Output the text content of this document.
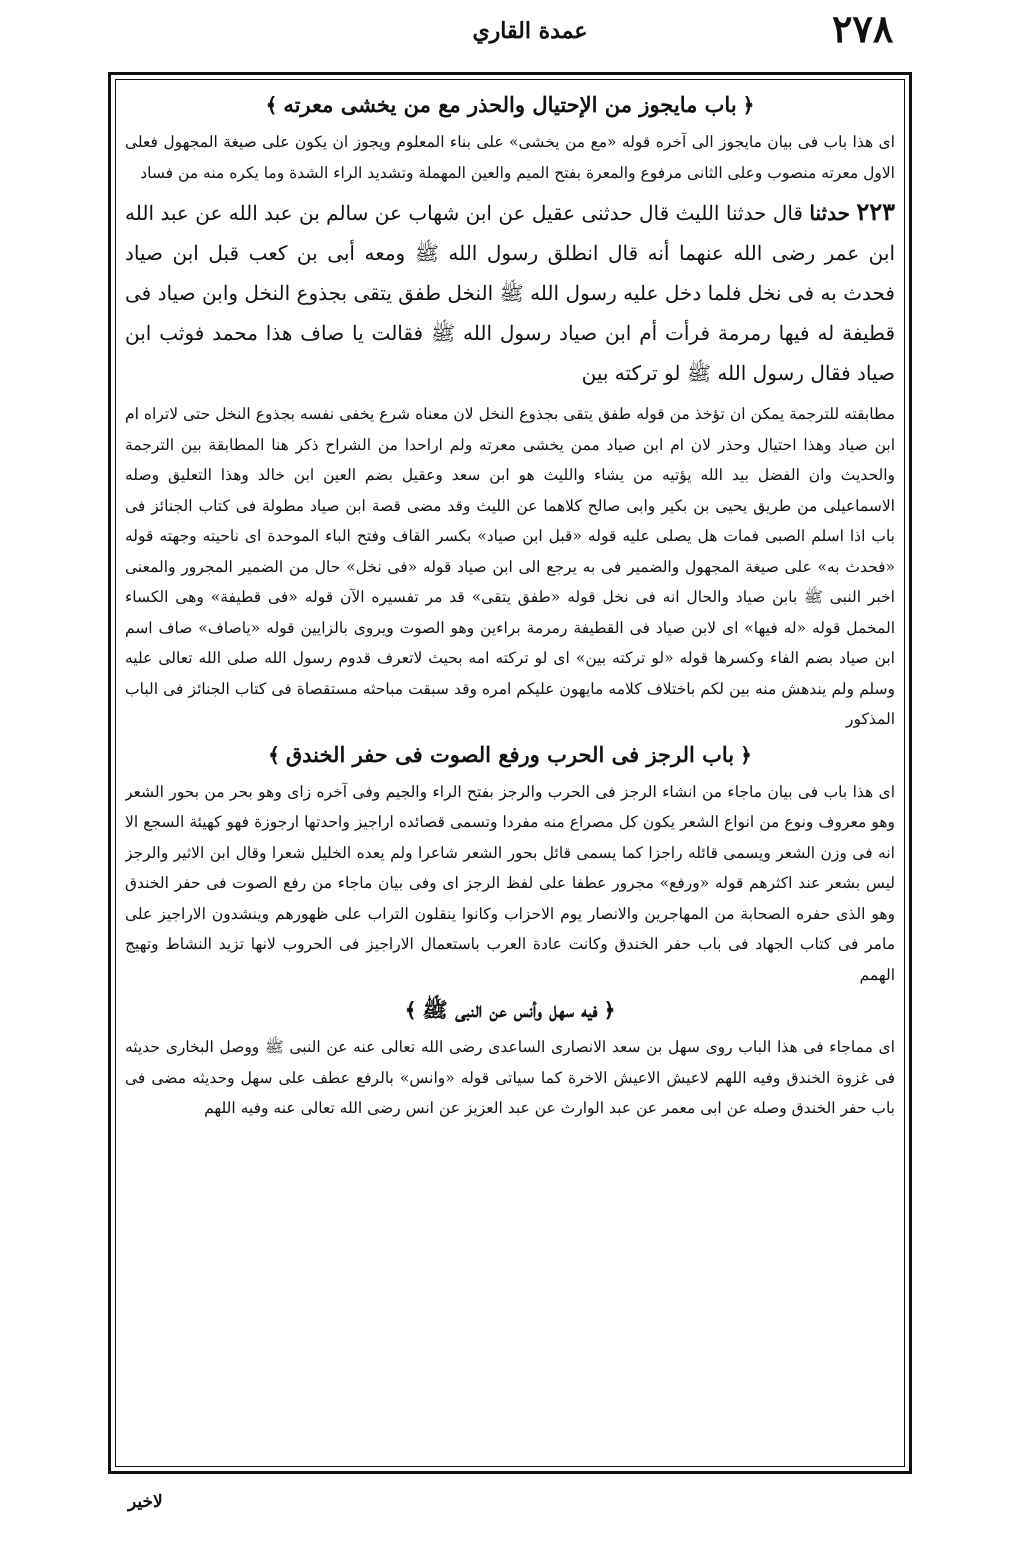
٢٧٨
عمدة القاري
﴿باب مايجوز من الإحتيال والحذر مع من يخشى معرته﴾

اى هذا باب فى بيان مايجوز الى آخره قوله «مع من يخشى» على بناء المعلوم ويجوز ان يكون على صيغة المجهول فعلى الاول معرته منصوب وعلى الثانى مرفوع والمعرة بفتح الميم والعين المهملة وتشديد الراء الشدة وما يكره منه من فساد

٢٢٣ حدثنا قال حدثنا الليث قال حدثنى عقيل عن ابن شهاب عن سالم بن عبد الله عن عبد الله ابن عمر رضى الله عنهما أنه قال انطلق رسول الله ﷺ ومعه أبى بن كعب قبل ابن صياد فحدث به فى نخل فلما دخل عليه رسول الله ﷺ النخل طفق يتقى بجذوع النخل وابن صياد فى قطيفة له فيها رمرمة فرأت أم ابن صياد رسول الله ﷺ فقالت يا صاف هذا محمد فوثب ابن صياد فقال رسول الله ﷺ لو تركته بين

مطابقته للترجمة يمكن ان تؤخذ من قوله طفق يتقى بجذوع النخل لان معناه شرع يخفى نفسه بجذوع النخل حتى لاتراه ام ابن صياد وهذا احتيال وحذر لان ام ابن صياد ممن يخشى معرته ولم اراحدا من الشراح ذكر هنا المطابقة بين الترجمة والحديث وان الفضل بيد الله يؤتيه من يشاء والليث هو ابن سعد وعقيل بضم العين ابن خالد وهذا التعليق وصله الاسماعيلى من طريق يحيى بن بكير وابى صالح كلاهما عن الليث وقد مضى قصة ابن صياد مطولة فى كتاب الجنائز فى باب اذا اسلم الصبى فمات هل يصلى عليه قوله «قبل ابن صياد» بكسر القاف وفتح الباء الموحدة اى ناحيته وجهته قوله «فحدث به» على صيغة المجهول والضمير فى به يرجع الى ابن صياد قوله «فى نخل» حال من الضمير المجرور والمعنى اخبر النبى ﷺ بابن صياد والحال انه فى نخل قوله «طفق يتقى» قد مر تفسيره الآن قوله «فى قطيفة» وهى الكساء المخمل قوله «له فيها» اى لابن صياد فى القطيفة رمرمة براءين وهو الصوت ويروى بالزايين قوله «ياصاف» صاف اسم ابن صياد بضم الفاء وكسرها قوله «لو تركته بين» اى لو تركته امه بحيث لاتعرف قدوم رسول الله صلى الله تعالى عليه وسلم ولم يندهش منه بين لكم باختلاف كلامه مايهون عليكم امره وقد سبقت مباحثه مستقصاة فى كتاب الجنائز فى الباب المذكور

﴿باب الرجز فى الحرب ورفع الصوت فى حفر الخندق﴾

اى هذا باب فى بيان ماجاء من انشاء الرجز فى الحرب والرجز بفتح الراء والجيم وفى آخره زاى وهو بحر من بحور الشعر وهو معروف ونوع من انواع الشعر يكون كل مصراع منه مفردا وتسمى قصائده اراجيز واحدتها ارجوزة فهو كهيئة السجع الا انه فى وزن الشعر ويسمى قائله راجزا كما يسمى قائل بحور الشعر شاعرا ولم يعده الخليل شعرا وقال ابن الاثير والرجز ليس بشعر عند اكثرهم قوله «ورفع» مجرور عطفا على لفظ الرجز اى وفى بيان ماجاء من رفع الصوت فى حفر الخندق وهو الذى حفره الصحابة من المهاجرين والانصار يوم الاحزاب وكانوا ينقلون التراب على ظهورهم وينشدون الاراجيز على مامر فى كتاب الجهاد فى باب حفر الخندق وكانت عادة العرب باستعمال الاراجيز فى الحروب لانها تزيد النشاط وتهيج الهمم

﴿فيه سهل وأنس عن النبى ﷺ﴾

اى مماجاء فى هذا الباب روى سهل بن سعد الانصارى الساعدى رضى الله تعالى عنه عن النبى ﷺ ووصل البخارى حديثه فى غزوة الخندق وفيه اللهم لاعيش الاعيش الاخرة كما سياتى قوله «وانس» بالرفع عطف على سهل وحديثه مضى فى باب حفر الخندق وصله عن ابى معمر عن عبد الوارث عن عبد العزيز عن انس رضى الله تعالى عنه وفيه اللهم

لاخير
